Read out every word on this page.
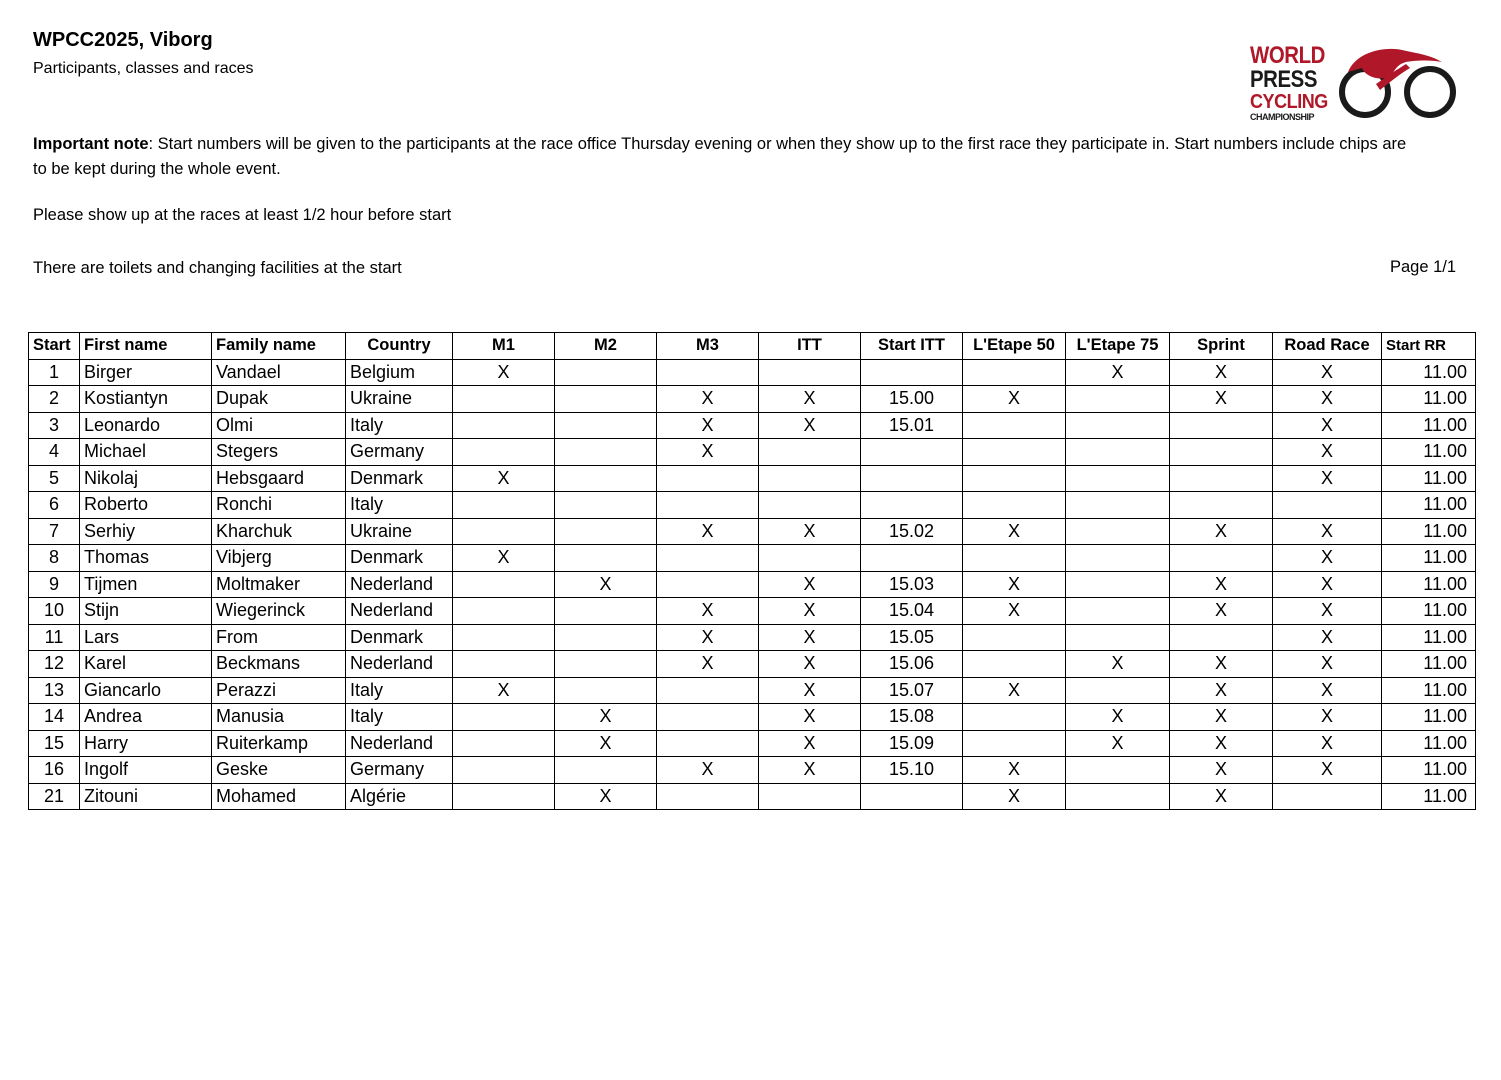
WPCC2025, Viborg

Participants, classes and races	WORLD
PRESS
CYCLING
CHAMPIONSHIP

Important note: Start numbers will be given to the participants at the race office Thursday evening or when they show up to the first race they participate in. Start numbers include chips are to be kept during the whole event.

Please show up at the races at least 1/2 hour before start

There are toilets and changing facilities at the start	Page 1/1

Start	First name	Family name	Country	M1	M2	M3	ITT	Start ITT	L'Etape 50	L'Etape 75	Sprint	Road Race	Start RR
1	Birger	Vandael	Belgium	X						X	X	X	11.00
2	Kostiantyn	Dupak	Ukraine			X	X	15.00	X		X	X	11.00
3	Leonardo	Olmi	Italy			X	X	15.01				X	11.00
4	Michael	Stegers	Germany			X						X	11.00
5	Nikolaj	Hebsgaard	Denmark	X								X	11.00
6	Roberto	Ronchi	Italy										11.00
7	Serhiy	Kharchuk	Ukraine			X	X	15.02	X		X	X	11.00
8	Thomas	Vibjerg	Denmark	X								X	11.00
9	Tijmen	Moltmaker	Nederland		X		X	15.03	X		X	X	11.00
10	Stijn	Wiegerinck	Nederland			X	X	15.04	X		X	X	11.00
11	Lars	From	Denmark			X	X	15.05				X	11.00
12	Karel	Beckmans	Nederland			X	X	15.06		X	X	X	11.00
13	Giancarlo	Perazzi	Italy	X			X	15.07	X		X	X	11.00
14	Andrea	Manusia	Italy		X		X	15.08		X	X	X	11.00
15	Harry	Ruiterkamp	Nederland		X		X	15.09		X	X	X	11.00
16	Ingolf	Geske	Germany			X	X	15.10	X		X	X	11.00
21	Zitouni	Mohamed	Algérie		X				X		X		11.00
